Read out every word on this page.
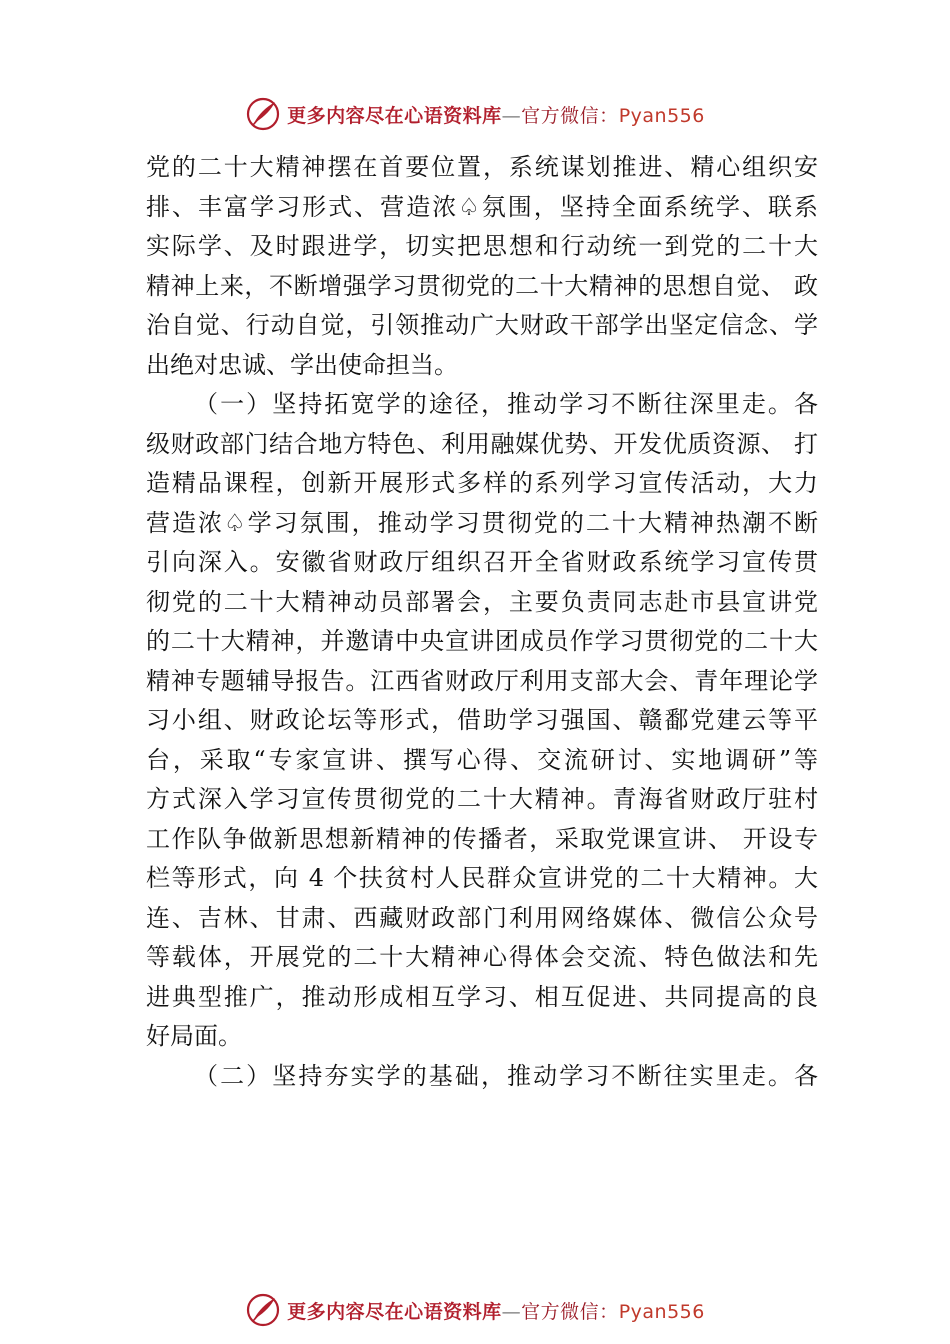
更多内容尽在心语资料库—官方微信：Pyan556
党的二十大精神摆在首要位置，系统谋划推进、精心组织安
排、丰富学习形式、营造浓♤氛围，坚持全面系统学、联系
实际学、及时跟进学，切实把思想和行动统一到党的二十大
精神上来，不断增强学习贯彻党的二十大精神的思想自觉、 政
治自觉、行动自觉，引领推动广大财政干部学出坚定信念、学
出绝对忠诚、学出使命担当。
（一）坚持拓宽学的途径，推动学习不断往深里走。各
级财政部门结合地方特色、利用融媒优势、开发优质资源、 打
造精品课程，创新开展形式多样的系列学习宣传活动，大力
营造浓♤学习氛围，推动学习贯彻党的二十大精神热潮不断
引向深入。安徽省财政厅组织召开全省财政系统学习宣传贯
彻党的二十大精神动员部署会，主要负责同志赴市县宣讲党
的二十大精神，并邀请中央宣讲团成员作学习贯彻党的二十大
精神专题辅导报告。江西省财政厅利用支部大会、青年理论学
习小组、财政论坛等形式，借助学习强国、赣鄱党建云等平
台，采取“专家宣讲、撰写心得、交流研讨、实地调研”等
方式深入学习宣传贯彻党的二十大精神。青海省财政厅驻村
工作队争做新思想新精神的传播者，采取党课宣讲、 开设专
栏等形式，向 4 个扶贫村人民群众宣讲党的二十大精神。大
连、吉林、甘肃、西藏财政部门利用网络媒体、微信公众号
等载体，开展党的二十大精神心得体会交流、特色做法和先
进典型推广，推动形成相互学习、相互促进、共同提高的良
好局面。
（二）坚持夯实学的基础，推动学习不断往实里走。各
更多内容尽在心语资料库—官方微信：Pyan556
